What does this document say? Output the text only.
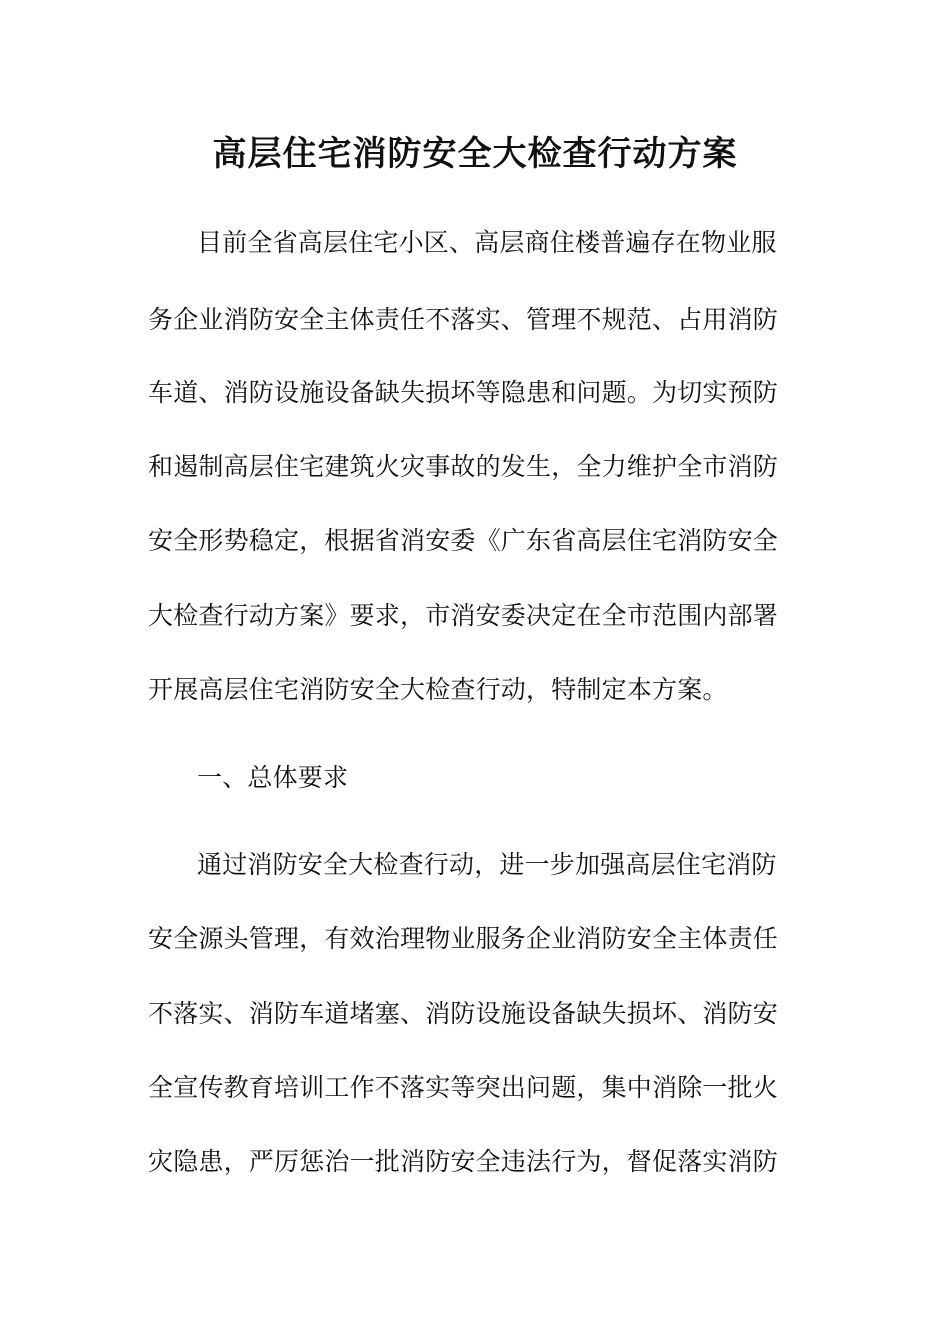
高层住宅消防安全大检查行动方案
目前全省高层住宅小区、高层商住楼普遍存在物业服
务企业消防安全主体责任不落实、管理不规范、占用消防
车道、消防设施设备缺失损坏等隐患和问题。为切实预防
和遏制高层住宅建筑火灾事故的发生，全力维护全市消防
安全形势稳定，根据省消安委《广东省高层住宅消防安全
大检查行动方案》要求，市消安委决定在全市范围内部署
开展高层住宅消防安全大检查行动，特制定本方案。
一、总体要求
通过消防安全大检查行动，进一步加强高层住宅消防
安全源头管理，有效治理物业服务企业消防安全主体责任
不落实、消防车道堵塞、消防设施设备缺失损坏、消防安
全宣传教育培训工作不落实等突出问题，集中消除一批火
灾隐患，严厉惩治一批消防安全违法行为，督促落实消防
